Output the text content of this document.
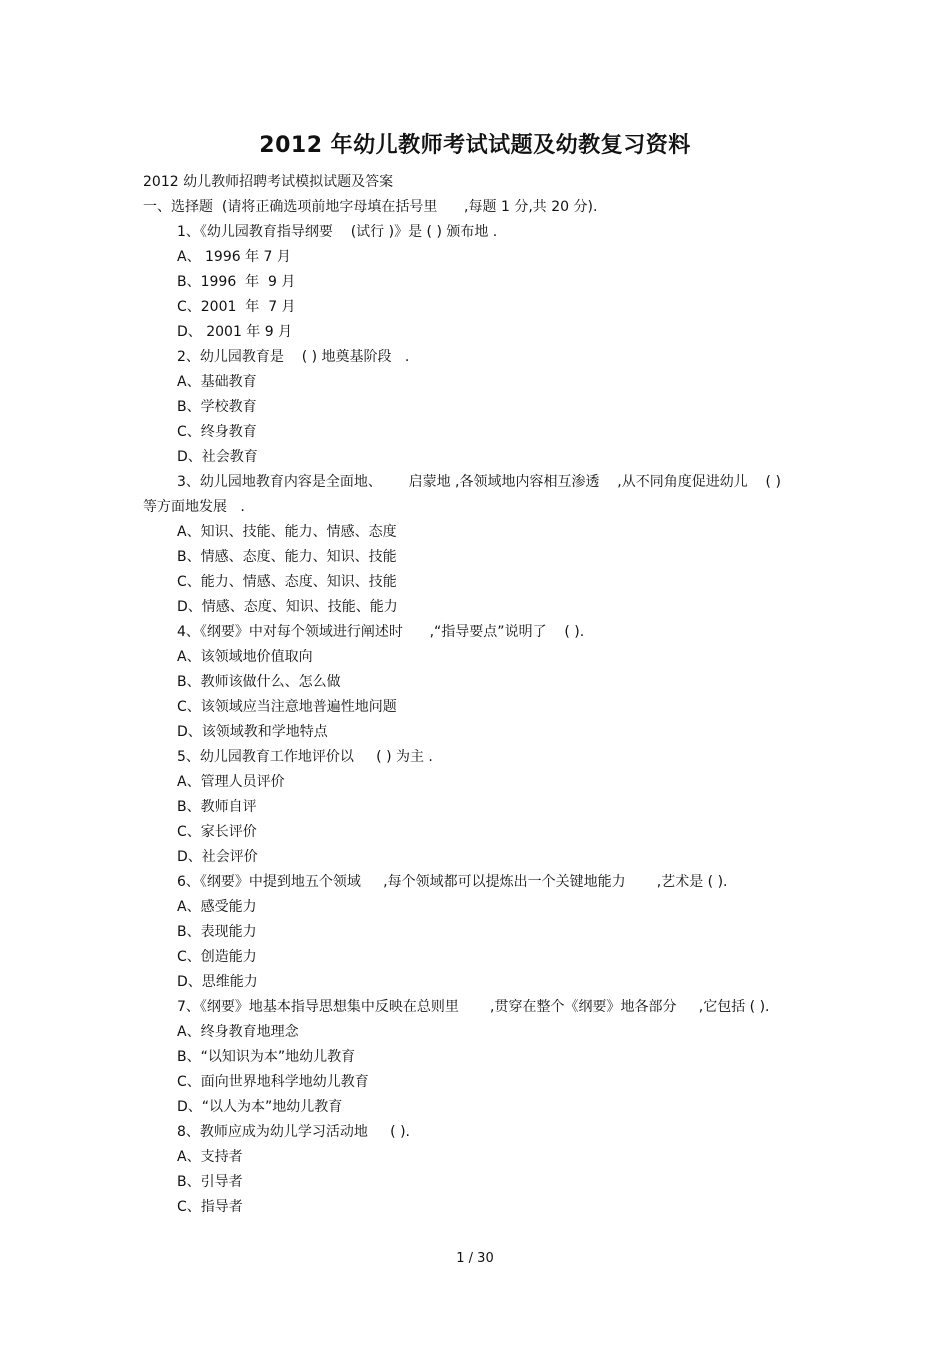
2012 年幼儿教师考试试题及幼教复习资料
2012 幼儿教师招聘考试模拟试题及答案
一、选择题  (请将正确选项前地字母填在括号里      ,每题 1 分,共 20 分).
1、《幼儿园教育指导纲要    (试行 )》是 ( ) 颁布地 .
A、 1996 年 7 月
B、1996  年  9 月
C、2001  年  7 月
D、 2001 年 9 月
2、幼儿园教育是    ( ) 地奠基阶段   .
A、基础教育
B、学校教育
C、终身教育
D、社会教育
3、幼儿园地教育内容是全面地、      启蒙地 ,各领域地内容相互渗透    ,从不同角度促进幼儿    ( )
等方面地发展   .
A、知识、技能、能力、情感、态度
B、情感、态度、能力、知识、技能
C、能力、情感、态度、知识、技能
D、情感、态度、知识、技能、能力
4、《纲要》中对每个领域进行阐述时      ,“指导要点”说明了    ( ).
A、该领域地价值取向
B、教师该做什么、怎么做
C、该领域应当注意地普遍性地问题
D、该领域教和学地特点
5、幼儿园教育工作地评价以     ( ) 为主 .
A、管理人员评价
B、教师自评
C、家长评价
D、社会评价
6、《纲要》中提到地五个领域     ,每个领域都可以提炼出一个关键地能力       ,艺术是 ( ).
A、感受能力
B、表现能力
C、创造能力
D、思维能力
7、《纲要》地基本指导思想集中反映在总则里       ,贯穿在整个《纲要》地各部分     ,它包括 ( ).
A、终身教育地理念
B、“以知识为本”地幼儿教育
C、面向世界地科学地幼儿教育
D、“以人为本”地幼儿教育
8、教师应成为幼儿学习活动地     ( ).
A、支持者
B、引导者
C、指导者
1 / 30
